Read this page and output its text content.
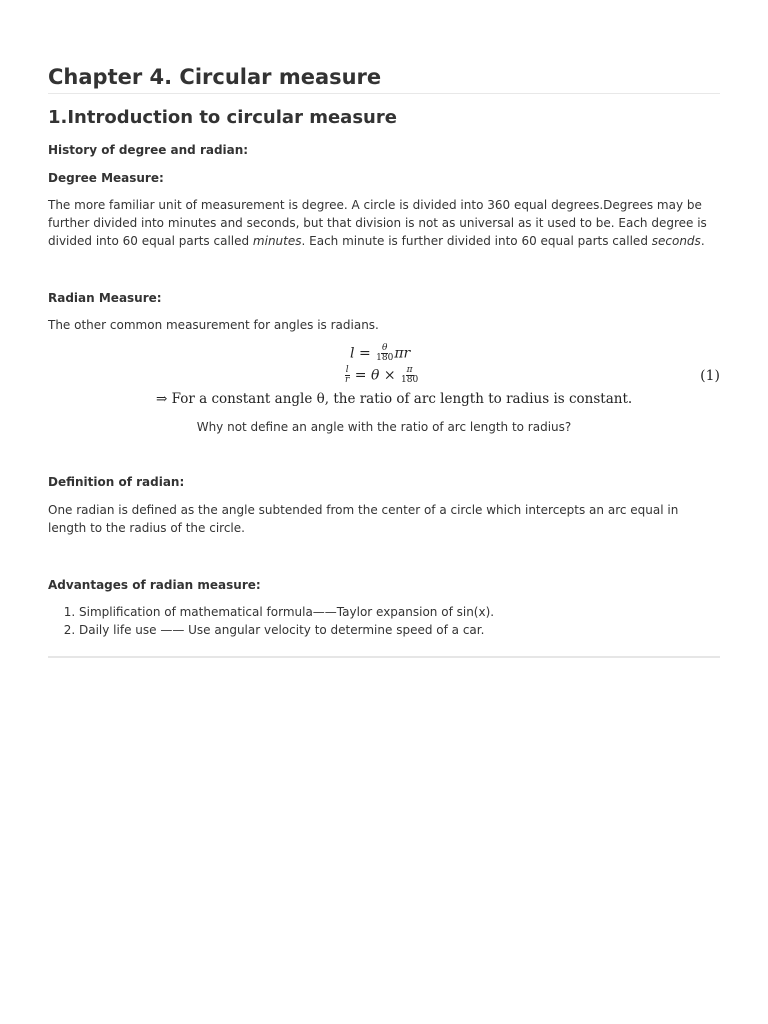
Chapter 4. Circular measure
1.Introduction to circular measure
History of degree and radian:
Degree Measure:
The more familiar unit of measurement is degree. A circle is divided into 360 equal degrees.Degrees may be further divided into minutes and seconds, but that division is not as universal as it used to be. Each degree is divided into 60 equal parts called minutes. Each minute is further divided into 60 equal parts called seconds.
Radian Measure:
The other common measurement for angles is radians.
$l = \frac{\theta}{180}$ πr
$\frac{l}{r} = \theta \times \frac{\pi}{180}$	(1)
⇒ For a constant angle θ, the ratio of arc length to radius is constant.
Why not define an angle with the ratio of arc length to radius?
Definition of radian:
One radian is defined as the angle subtended from the center of a circle which intercepts an arc equal in length to the radius of the circle.
Advantages of radian measure:
1. Simplification of mathematical formula——Taylor expansion of sin(x).
2. Daily life use —— Use angular velocity to determine speed of a car.
